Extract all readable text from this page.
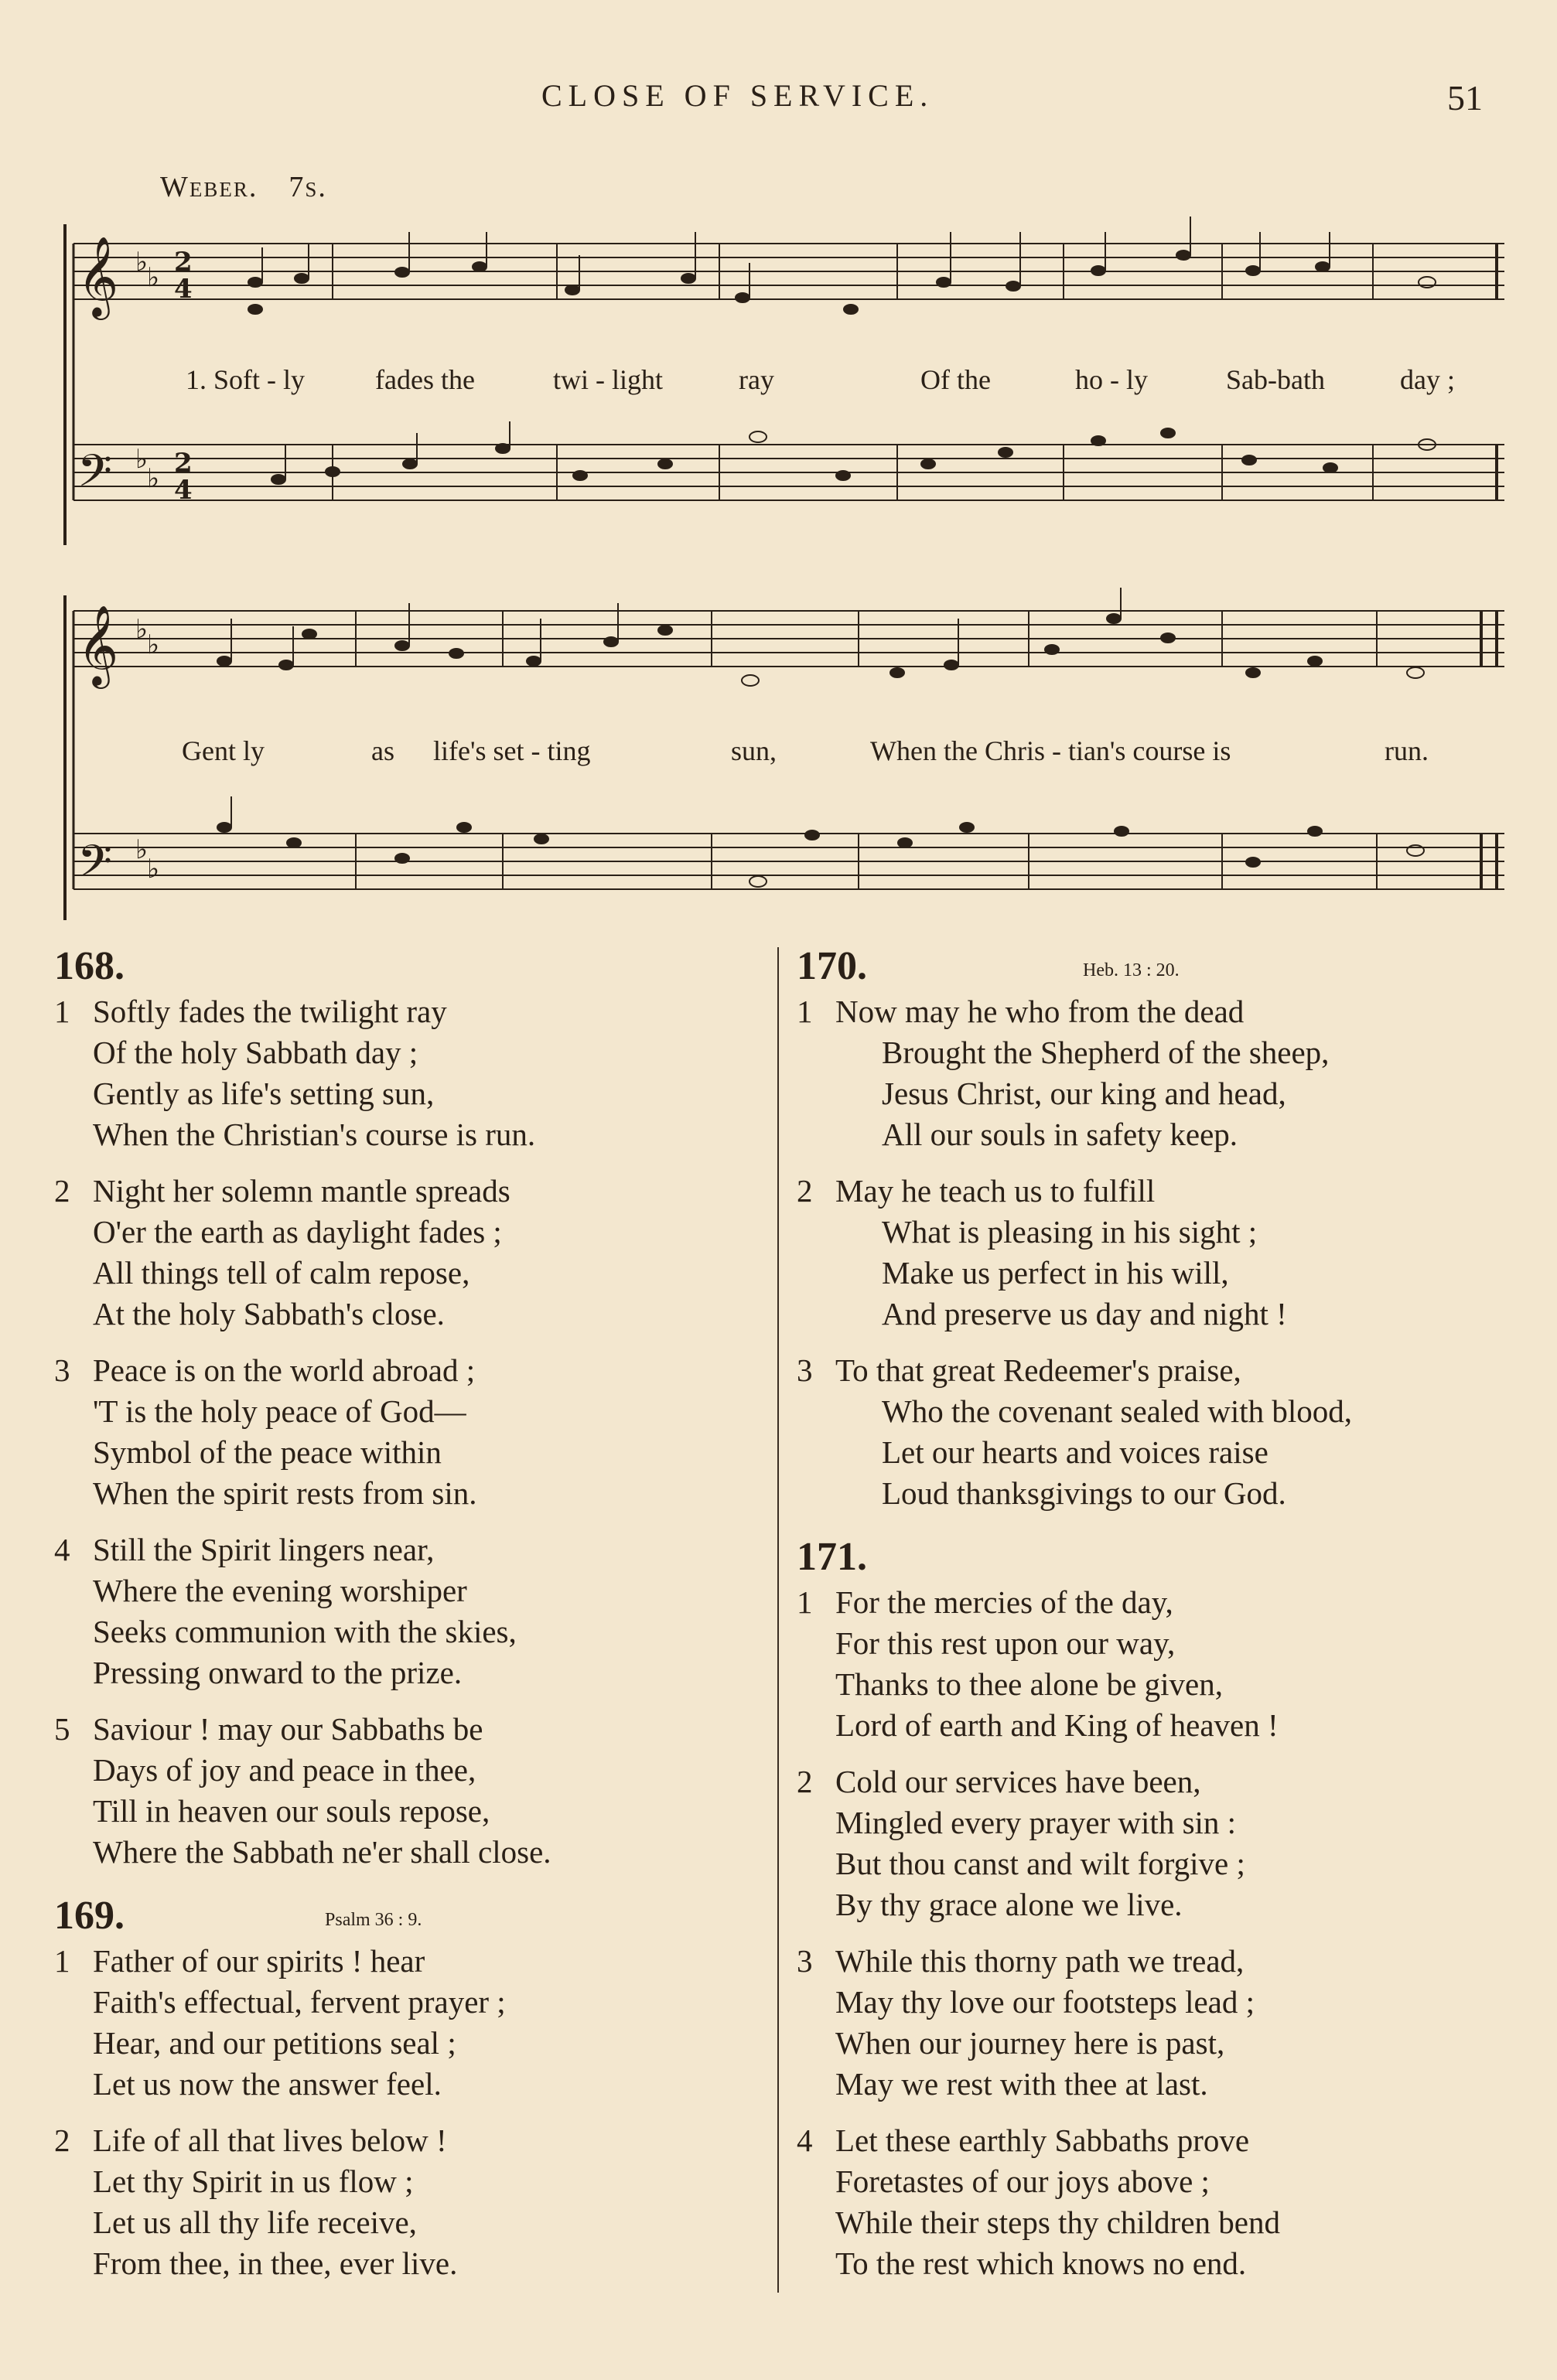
CLOSE OF SERVICE.	51
Weber. 7s.
𝄞
𝄢
♭
♭
♭
♭
2
4
2
4
𝄞
𝄢
♭
♭
♭
♭
1. Soft - ly	fades the	twi - light	ray	Of the	ho - ly	Sab-bath	day ;
Gent ly	as life's set - ting	sun,	When the Chris - tian's course is	run.
168.
1 Softly fades the twilight ray
Of the holy Sabbath day ;
Gently as life's setting sun,
When the Christian's course is run.
2 Night her solemn mantle spreads
O'er the earth as daylight fades ;
All things tell of calm repose,
At the holy Sabbath's close.
3 Peace is on the world abroad ;
'T is the holy peace of God—
Symbol of the peace within
When the spirit rests from sin.
4 Still the Spirit lingers near,
Where the evening worshiper
Seeks communion with the skies,
Pressing onward to the prize.
5 Saviour ! may our Sabbaths be
Days of joy and peace in thee,
Till in heaven our souls repose,
Where the Sabbath ne'er shall close.
169.	Psalm 36 : 9.
1 Father of our spirits ! hear
Faith's effectual, fervent prayer ;
Hear, and our petitions seal ;
Let us now the answer feel.
2 Life of all that lives below !
Let thy Spirit in us flow ;
Let us all thy life receive,
From thee, in thee, ever live.
170.	Heb. 13 : 20.
1 Now may he who from the dead
Brought the Shepherd of the sheep,
Jesus Christ, our king and head,
All our souls in safety keep.
2 May he teach us to fulfill
What is pleasing in his sight ;
Make us perfect in his will,
And preserve us day and night !
3 To that great Redeemer's praise,
Who the covenant sealed with blood,
Let our hearts and voices raise
Loud thanksgivings to our God.
171.
1 For the mercies of the day,
For this rest upon our way,
Thanks to thee alone be given,
Lord of earth and King of heaven !
2 Cold our services have been,
Mingled every prayer with sin :
But thou canst and wilt forgive ;
By thy grace alone we live.
3 While this thorny path we tread,
May thy love our footsteps lead ;
When our journey here is past,
May we rest with thee at last.
4 Let these earthly Sabbaths prove
Foretastes of our joys above ;
While their steps thy children bend
To the rest which knows no end.
